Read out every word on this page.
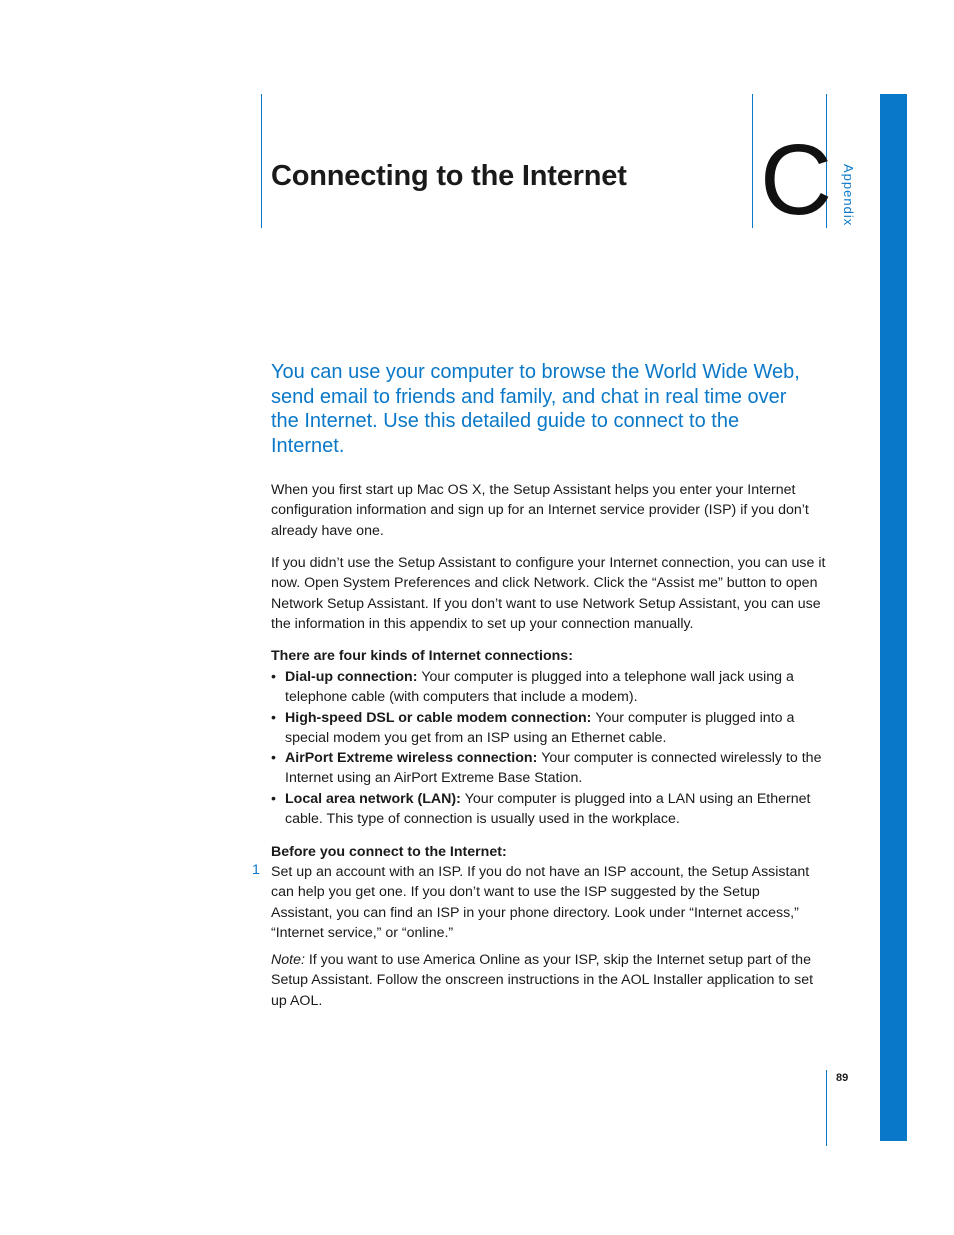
Connecting to the Internet C Appendix
You can use your computer to browse the World Wide Web, send email to friends and family, and chat in real time over the Internet. Use this detailed guide to connect to the Internet.
When you first start up Mac OS X, the Setup Assistant helps you enter your Internet configuration information and sign up for an Internet service provider (ISP) if you don’t already have one.
If you didn’t use the Setup Assistant to configure your Internet connection, you can use it now. Open System Preferences and click Network. Click the “Assist me” button to open Network Setup Assistant. If you don’t want to use Network Setup Assistant, you can use the information in this appendix to set up your connection manually.
There are four kinds of Internet connections:
• Dial-up connection: Your computer is plugged into a telephone wall jack using a telephone cable (with computers that include a modem).
• High-speed DSL or cable modem connection: Your computer is plugged into a special modem you get from an ISP using an Ethernet cable.
• AirPort Extreme wireless connection: Your computer is connected wirelessly to the Internet using an AirPort Extreme Base Station.
• Local area network (LAN): Your computer is plugged into a LAN using an Ethernet cable. This type of connection is usually used in the workplace.
Before you connect to the Internet:
1 Set up an account with an ISP. If you do not have an ISP account, the Setup Assistant can help you get one. If you don’t want to use the ISP suggested by the Setup Assistant, you can find an ISP in your phone directory. Look under “Internet access,” “Internet service,” or “online.”
Note: If you want to use America Online as your ISP, skip the Internet setup part of the Setup Assistant. Follow the onscreen instructions in the AOL Installer application to set up AOL.
89
